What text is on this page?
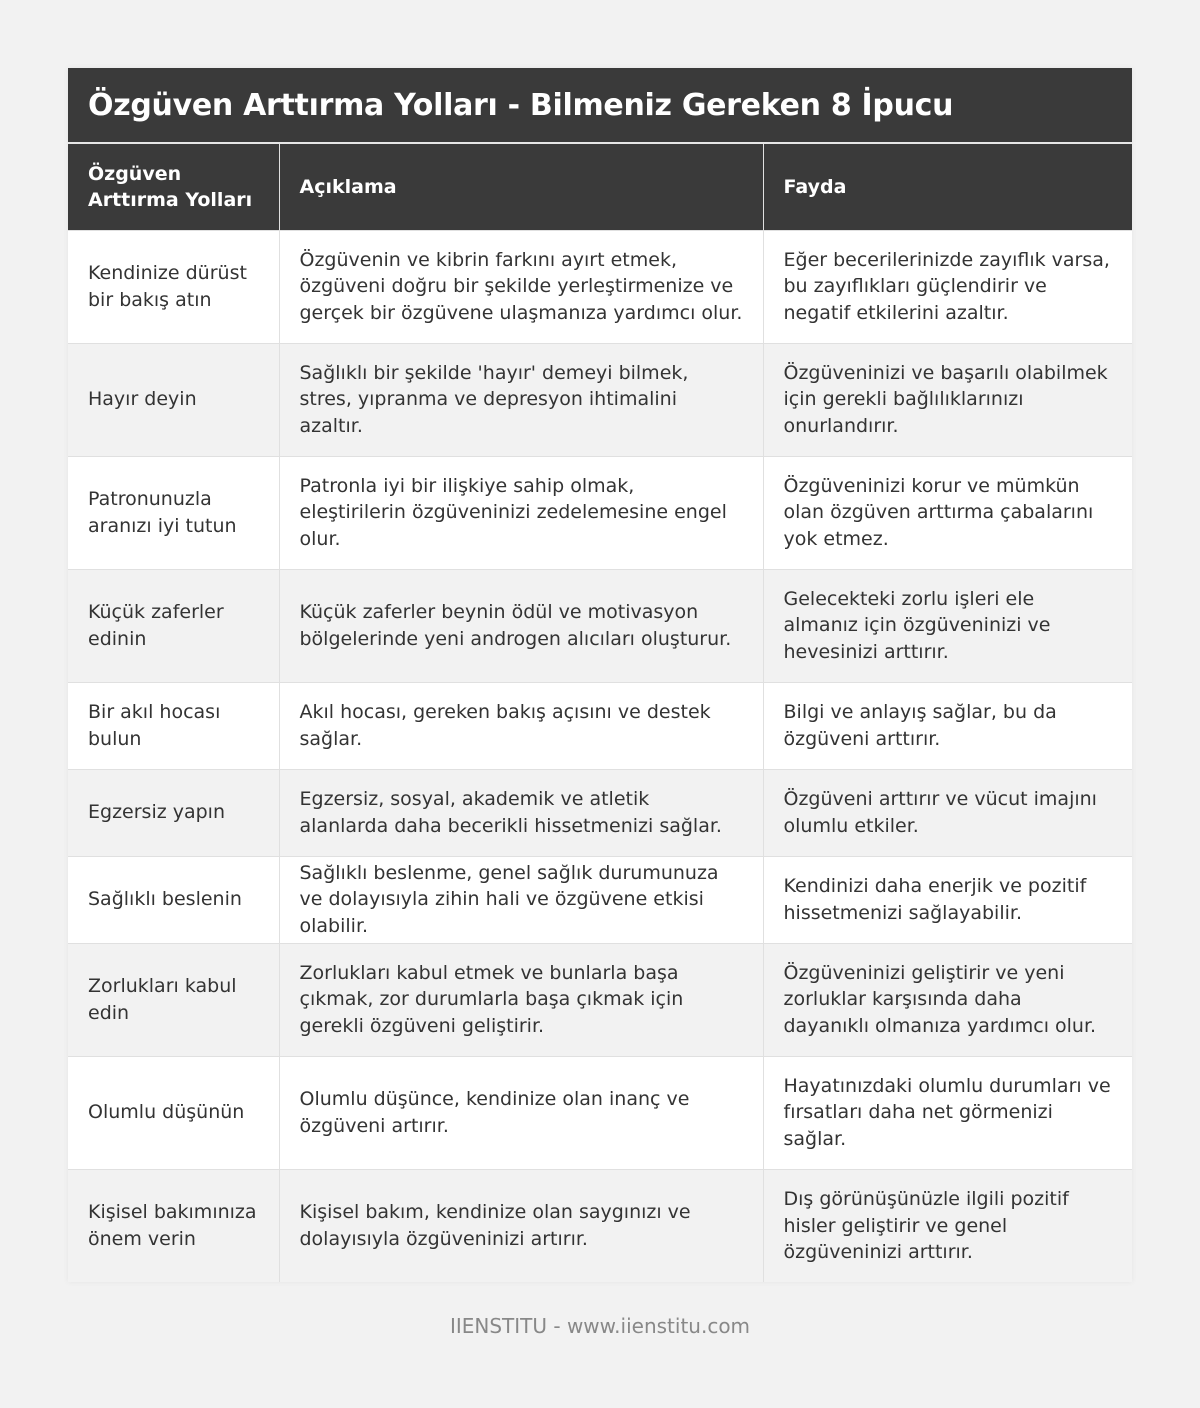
Özgüven Arttırma Yolları - Bilmeniz Gereken 8 İpucu
Özgüven Arttırma Yolları	Açıklama	Fayda
Kendinize dürüst bir bakış atın	Özgüvenin ve kibrin farkını ayırt etmek, özgüveni doğru bir şekilde yerleştirmenize ve gerçek bir özgüvene ulaşmanıza yardımcı olur.	Eğer becerilerinizde zayıflık varsa, bu zayıflıkları güçlendirir ve negatif etkilerini azaltır.
Hayır deyin	Sağlıklı bir şekilde 'hayır' demeyi bilmek, stres, yıpranma ve depresyon ihtimalini azaltır.	Özgüveninizi ve başarılı olabilmek için gerekli bağlılıklarınızı onurlandırır.
Patronunuzla aranızı iyi tutun	Patronla iyi bir ilişkiye sahip olmak, eleştirilerin özgüveninizi zedelemesine engel olur.	Özgüveninizi korur ve mümkün olan özgüven arttırma çabalarını yok etmez.
Küçük zaferler edinin	Küçük zaferler beynin ödül ve motivasyon bölgelerinde yeni androgen alıcıları oluşturur.	Gelecekteki zorlu işleri ele almanız için özgüveninizi ve hevesinizi arttırır.
Bir akıl hocası bulun	Akıl hocası, gereken bakış açısını ve destek sağlar.	Bilgi ve anlayış sağlar, bu da özgüveni arttırır.
Egzersiz yapın	Egzersiz, sosyal, akademik ve atletik alanlarda daha becerikli hissetmenizi sağlar.	Özgüveni arttırır ve vücut imajını olumlu etkiler.
Sağlıklı beslenin	Sağlıklı beslenme, genel sağlık durumunuza ve dolayısıyla zihin hali ve özgüvene etkisi olabilir.	Kendinizi daha enerjik ve pozitif hissetmenizi sağlayabilir.
Zorlukları kabul edin	Zorlukları kabul etmek ve bunlarla başa çıkmak, zor durumlarla başa çıkmak için gerekli özgüveni geliştirir.	Özgüveninizi geliştirir ve yeni zorluklar karşısında daha dayanıklı olmanıza yardımcı olur.
Olumlu düşünün	Olumlu düşünce, kendinize olan inanç ve özgüveni artırır.	Hayatınızdaki olumlu durumları ve fırsatları daha net görmenizi sağlar.
Kişisel bakımınıza önem verin	Kişisel bakım, kendinize olan saygınızı ve dolayısıyla özgüveninizi artırır.	Dış görünüşünüzle ilgili pozitif hisler geliştirir ve genel özgüveninizi arttırır.
IIENSTITU - www.iienstitu.com
